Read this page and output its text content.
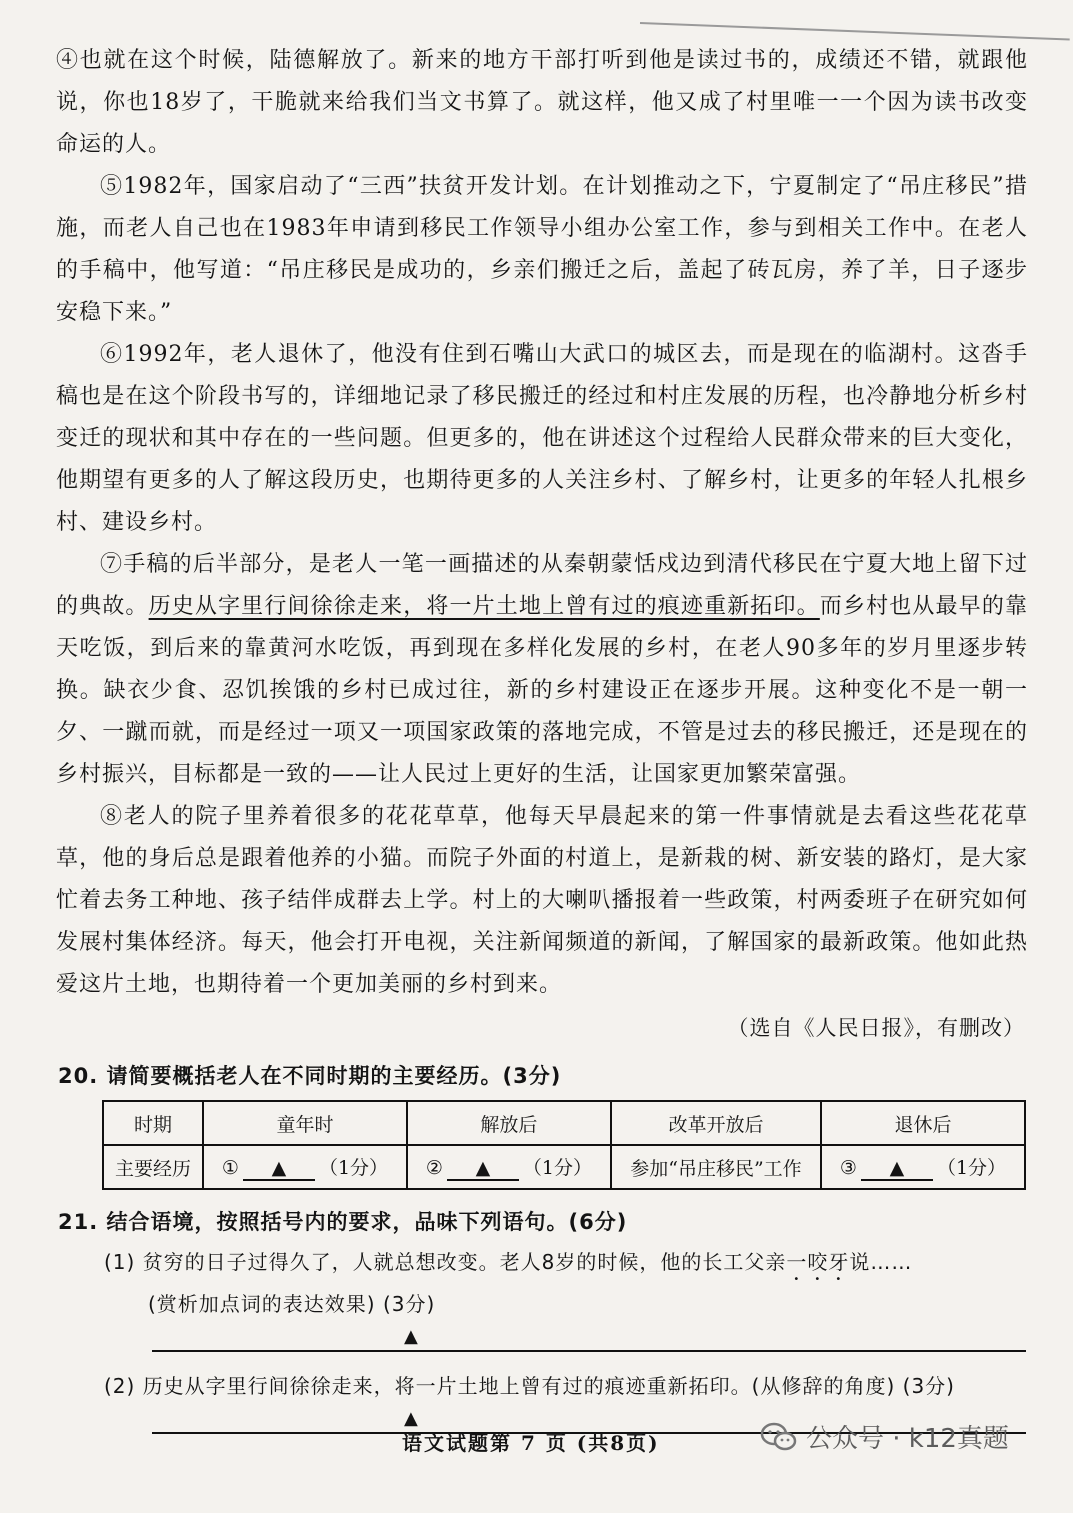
④也就在这个时候，陆德解放了。新来的地方干部打听到他是读过书的，成绩还不错，就跟他说，你也18岁了，干脆就来给我们当文书算了。就这样，他又成了村里唯一一个因为读书改变命运的人。
⑤1982年，国家启动了“三西”扶贫开发计划。在计划推动之下，宁夏制定了“吊庄移民”措施，而老人自己也在1983年申请到移民工作领导小组办公室工作，参与到相关工作中。在老人的手稿中，他写道：“吊庄移民是成功的，乡亲们搬迁之后，盖起了砖瓦房，养了羊，日子逐步安稳下来。”
⑥1992年，老人退休了，他没有住到石嘴山大武口的城区去，而是现在的临湖村。这沓手稿也是在这个阶段书写的，详细地记录了移民搬迁的经过和村庄发展的历程，也冷静地分析乡村变迁的现状和其中存在的一些问题。但更多的，他在讲述这个过程给人民群众带来的巨大变化，他期望有更多的人了解这段历史，也期待更多的人关注乡村、了解乡村，让更多的年轻人扎根乡村、建设乡村。
⑦手稿的后半部分，是老人一笔一画描述的从秦朝蒙恬戍边到清代移民在宁夏大地上留下过的典故。历史从字里行间徐徐走来，将一片土地上曾有过的痕迹重新拓印。而乡村也从最早的靠天吃饭，到后来的靠黄河水吃饭，再到现在多样化发展的乡村，在老人90多年的岁月里逐步转换。缺衣少食、忍饥挨饿的乡村已成过往，新的乡村建设正在逐步开展。这种变化不是一朝一夕、一蹴而就，而是经过一项又一项国家政策的落地完成，不管是过去的移民搬迁，还是现在的乡村振兴，目标都是一致的——让人民过上更好的生活，让国家更加繁荣富强。
⑧老人的院子里养着很多的花花草草，他每天早晨起来的第一件事情就是去看这些花花草草，他的身后总是跟着他养的小猫。而院子外面的村道上，是新栽的树、新安装的路灯，是大家忙着去务工种地、孩子结伴成群去上学。村上的大喇叭播报着一些政策，村两委班子在研究如何发展村集体经济。每天，他会打开电视，关注新闻频道的新闻，了解国家的最新政策。他如此热爱这片土地，也期待着一个更加美丽的乡村到来。
（选自《人民日报》，有删改）
20. 请简要概括老人在不同时期的主要经历。(3分)
时期	童年时	解放后	改革开放后	退休后
主要经历	① ▲ （1分）	② ▲ （1分）	参加“吊庄移民”工作	③ ▲ （1分）
21. 结合语境，按照括号内的要求，品味下列语句。(6分)
(1) 贫穷的日子过得久了，人就总想改变。老人8岁的时候，他的长工父亲一咬牙说……
(赏析加点词的表达效果) (3分)
▲
(2) 历史从字里行间徐徐走来，将一片土地上曾有过的痕迹重新拓印。(从修辞的角度) (3分)
▲
语文试题第 7 页 (共8页)	公众号 · k12真题
